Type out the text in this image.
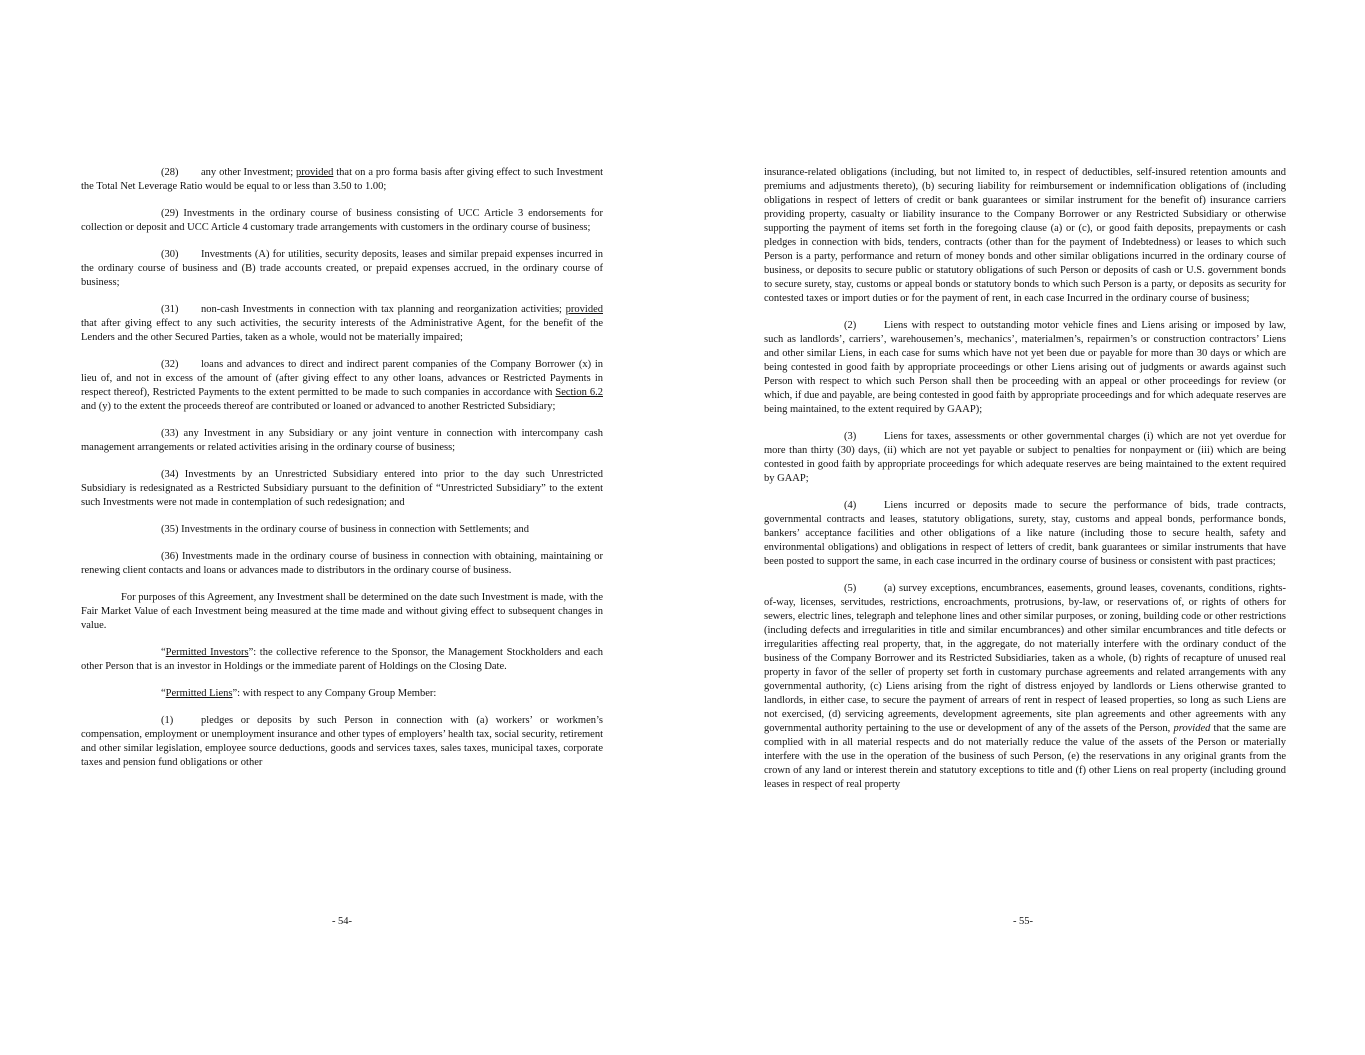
(28) any other Investment; provided that on a pro forma basis after giving effect to such Investment the Total Net Leverage Ratio would be equal to or less than 3.50 to 1.00;

(29) Investments in the ordinary course of business consisting of UCC Article 3 endorsements for collection or deposit and UCC Article 4 customary trade arrangements with customers in the ordinary course of business;

(30) Investments (A) for utilities, security deposits, leases and similar prepaid expenses incurred in the ordinary course of business and (B) trade accounts created, or prepaid expenses accrued, in the ordinary course of business;

(31) non-cash Investments in connection with tax planning and reorganization activities; provided that after giving effect to any such activities, the security interests of the Administrative Agent, for the benefit of the Lenders and the other Secured Parties, taken as a whole, would not be materially impaired;

(32) loans and advances to direct and indirect parent companies of the Company Borrower (x) in lieu of, and not in excess of the amount of (after giving effect to any other loans, advances or Restricted Payments in respect thereof), Restricted Payments to the extent permitted to be made to such companies in accordance with Section 6.2 and (y) to the extent the proceeds thereof are contributed or loaned or advanced to another Restricted Subsidiary;

(33) any Investment in any Subsidiary or any joint venture in connection with intercompany cash management arrangements or related activities arising in the ordinary course of business;

(34) Investments by an Unrestricted Subsidiary entered into prior to the day such Unrestricted Subsidiary is redesignated as a Restricted Subsidiary pursuant to the definition of “Unrestricted Subsidiary” to the extent such Investments were not made in contemplation of such redesignation; and

(35) Investments in the ordinary course of business in connection with Settlements; and

(36) Investments made in the ordinary course of business in connection with obtaining, maintaining or renewing client contacts and loans or advances made to distributors in the ordinary course of business.

For purposes of this Agreement, any Investment shall be determined on the date such Investment is made, with the Fair Market Value of each Investment being measured at the time made and without giving effect to subsequent changes in value.

“Permitted Investors”: the collective reference to the Sponsor, the Management Stockholders and each other Person that is an investor in Holdings or the immediate parent of Holdings on the Closing Date.

“Permitted Liens”: with respect to any Company Group Member:

(1)	pledges or deposits by such Person in connection with (a) workers’ or workmen’s compensation, employment or unemployment insurance and other types of employers’ health tax, social security, retirement and other similar legislation, employee source deductions, goods and services taxes, sales taxes, municipal taxes, corporate taxes and pension fund obligations or other

- 54-

insurance-related obligations (including, but not limited to, in respect of deductibles, self-insured retention amounts and premiums and adjustments thereto), (b) securing liability for reimbursement or indemnification obligations of (including obligations in respect of letters of credit or bank guarantees or similar instrument for the benefit of) insurance carriers providing property, casualty or liability insurance to the Company Borrower or any Restricted Subsidiary or otherwise supporting the payment of items set forth in the foregoing clause (a) or (c), or good faith deposits, prepayments or cash pledges in connection with bids, tenders, contracts (other than for the payment of Indebtedness) or leases to which such Person is a party, performance and return of money bonds and other similar obligations incurred in the ordinary course of business, or deposits to secure public or statutory obligations of such Person or deposits of cash or U.S. government bonds to secure surety, stay, customs or appeal bonds or statutory bonds to which such Person is a party, or deposits as security for contested taxes or import duties or for the payment of rent, in each case Incurred in the ordinary course of business;

(2)	Liens with respect to outstanding motor vehicle fines and Liens arising or imposed by law, such as landlords’, carriers’, warehousemen’s, mechanics’, materialmen’s, repairmen’s or construction contractors’ Liens and other similar Liens, in each case for sums which have not yet been due or payable for more than 30 days or which are being contested in good faith by appropriate proceedings or other Liens arising out of judgments or awards against such Person with respect to which such Person shall then be proceeding with an appeal or other proceedings for review (or which, if due and payable, are being contested in good faith by appropriate proceedings and for which adequate reserves are being maintained, to the extent required by GAAP);

(3)	Liens for taxes, assessments or other governmental charges (i) which are not yet overdue for more than thirty (30) days, (ii) which are not yet payable or subject to penalties for nonpayment or (iii) which are being contested in good faith by appropriate proceedings for which adequate reserves are being maintained to the extent required by GAAP;

(4)	Liens incurred or deposits made to secure the performance of bids, trade contracts, governmental contracts and leases, statutory obligations, surety, stay, customs and appeal bonds, performance bonds, bankers’ acceptance facilities and other obligations of a like nature (including those to secure health, safety and environmental obligations) and obligations in respect of letters of credit, bank guarantees or similar instruments that have been posted to support the same, in each case incurred in the ordinary course of business or consistent with past practices;

(5)	(a) survey exceptions, encumbrances, easements, ground leases, covenants, conditions, rights-of-way, licenses, servitudes, restrictions, encroachments, protrusions, by-law, or reservations of, or rights of others for sewers, electric lines, telegraph and telephone lines and other similar purposes, or zoning, building code or other restrictions (including defects and irregularities in title and similar encumbrances) and other similar encumbrances and title defects or irregularities affecting real property, that, in the aggregate, do not materially interfere with the ordinary conduct of the business of the Company Borrower and its Restricted Subsidiaries, taken as a whole, (b) rights of recapture of unused real property in favor of the seller of property set forth in customary purchase agreements and related arrangements with any governmental authority, (c) Liens arising from the right of distress enjoyed by landlords or Liens otherwise granted to landlords, in either case, to secure the payment of arrears of rent in respect of leased properties, so long as such Liens are not exercised, (d) servicing agreements, development agreements, site plan agreements and other agreements with any governmental authority pertaining to the use or development of any of the assets of the Person, provided that the same are complied with in all material respects and do not materially reduce the value of the assets of the Person or materially interfere with the use in the operation of the business of such Person, (e) the reservations in any original grants from the crown of any land or interest therein and statutory exceptions to title and (f) other Liens on real property (including ground leases in respect of real property

- 55-
